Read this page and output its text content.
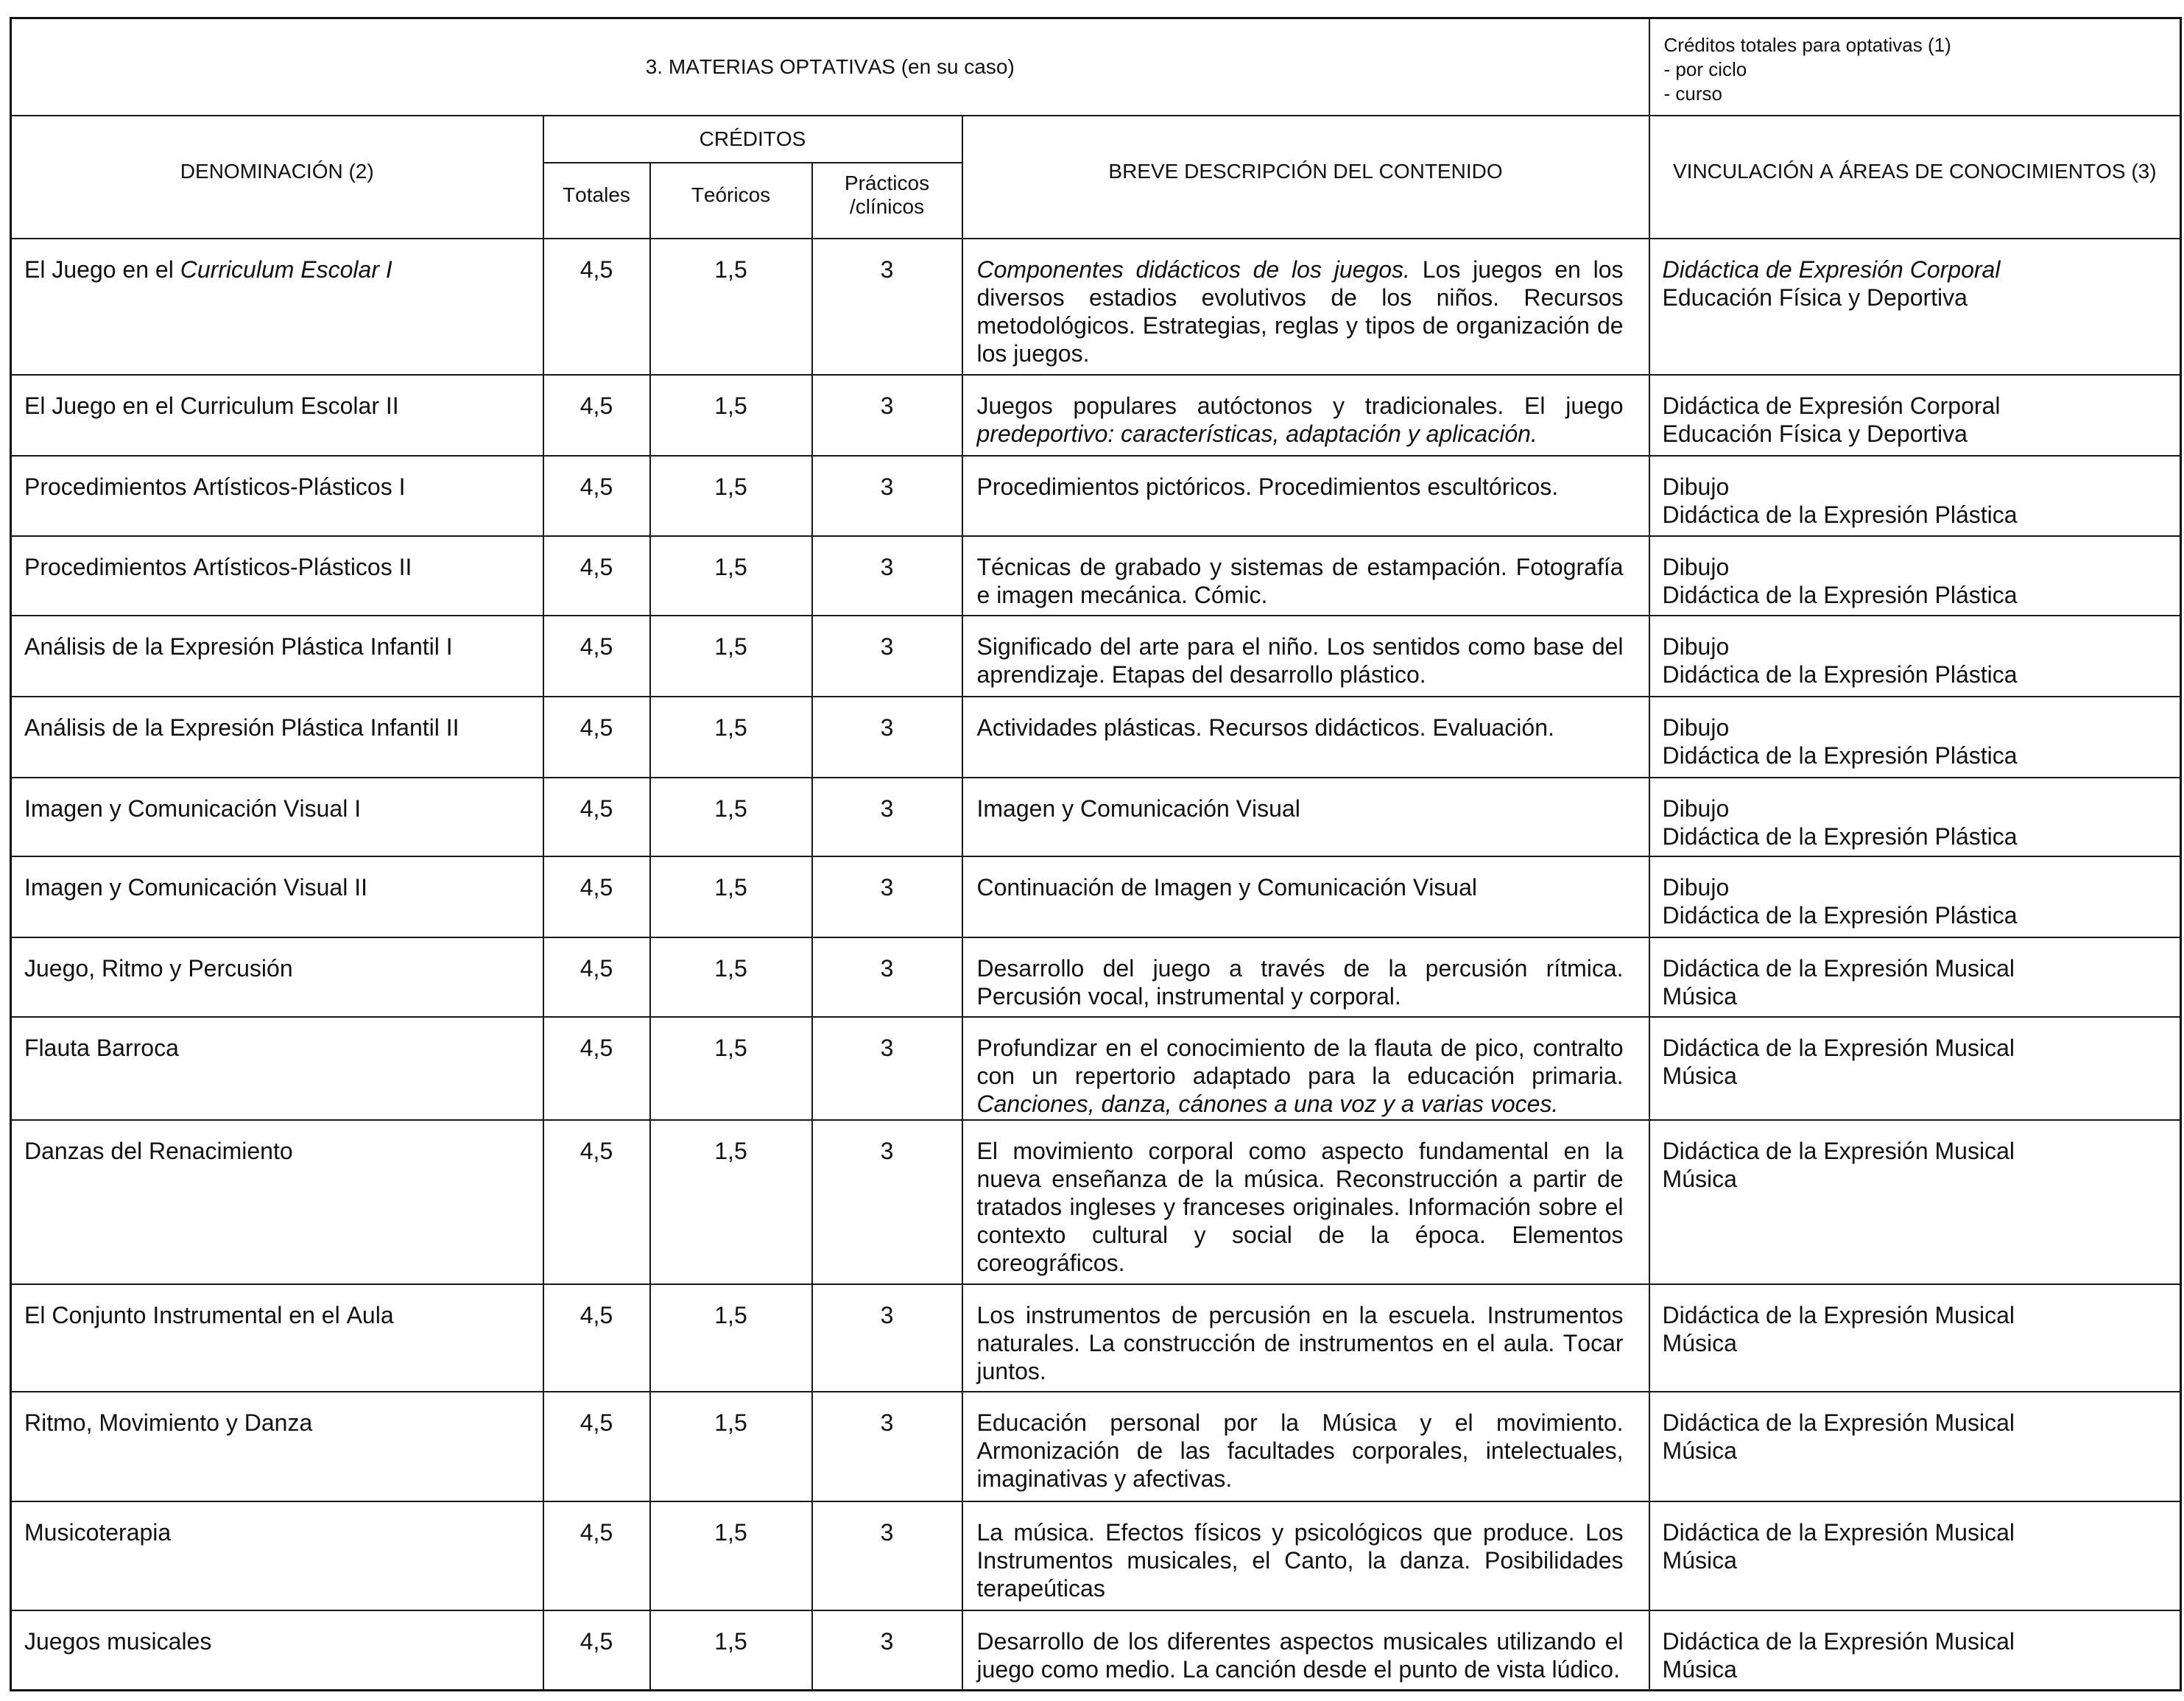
3. MATERIAS OPTATIVAS (en su caso)					Créditos totales para optativas (1)
- por ciclo
- curso

DENOMINACIÓN (2)	CRÉDITOS			BREVE DESCRIPCIÓN DEL CONTENIDO	VINCULACIÓN A ÁREAS DE CONOCIMIENTOS (3)
	Totales	Teóricos	Prácticos /clínicos		
El Juego en el Curriculum Escolar I	4,5	1,5	3	Componentes didácticos de los juegos. Los juegos en los diversos estadios evolutivos de los niños. Recursos metodológicos. Estrategias, reglas y tipos de organización de los juegos.	Didáctica de Expresión Corporal
Educación Física y Deportiva

El Juego en el Curriculum Escolar II	4,5	1,5	3	Juegos populares autóctonos y tradicionales. El juego predeportivo: características, adaptación y aplicación.	Didáctica de Expresión Corporal
Educación Física y Deportiva

Procedimientos Artísticos-Plásticos I	4,5	1,5	3	Procedimientos pictóricos. Procedimientos escultóricos.	Dibujo
Didáctica de la Expresión Plástica

Procedimientos Artísticos-Plásticos II	4,5	1,5	3	Técnicas de grabado y sistemas de estampación. Fotografía e imagen mecánica. Cómic.	Dibujo
Didáctica de la Expresión Plástica

Análisis de la Expresión Plástica Infantil I	4,5	1,5	3	Significado del arte para el niño. Los sentidos como base del aprendizaje. Etapas del desarrollo plástico.	Dibujo
Didáctica de la Expresión Plástica

Análisis de la Expresión Plástica Infantil II	4,5	1,5	3	Actividades plásticas. Recursos didácticos. Evaluación.	Dibujo
Didáctica de la Expresión Plástica

Imagen y Comunicación Visual I	4,5	1,5	3	Imagen y Comunicación Visual	Dibujo
Didáctica de la Expresión Plástica

Imagen y Comunicación Visual II	4,5	1,5	3	Continuación de Imagen y Comunicación Visual	Dibujo
Didáctica de la Expresión Plástica

Juego, Ritmo y Percusión	4,5	1,5	3	Desarrollo del juego a través de la percusión rítmica. Percusión vocal, instrumental y corporal.	Didáctica de la Expresión Musical
Música

Flauta Barroca	4,5	1,5	3	Profundizar en el conocimiento de la flauta de pico, contralto con un repertorio adaptado para la educación primaria. Canciones, danza, cánones a una voz y a varias voces.	Didáctica de la Expresión Musical
Música

Danzas del Renacimiento	4,5	1,5	3	El movimiento corporal como aspecto fundamental en la nueva enseñanza de la música. Reconstrucción a partir de tratados ingleses y franceses originales. Información sobre el contexto cultural y social de la época. Elementos coreográficos.	Didáctica de la Expresión Musical
Música

El Conjunto Instrumental en el Aula	4,5	1,5	3	Los instrumentos de percusión en la escuela. Instrumentos naturales. La construcción de instrumentos en el aula. Tocar juntos.	Didáctica de la Expresión Musical
Música

Ritmo, Movimiento y Danza	4,5	1,5	3	Educación personal por la Música y el movimiento. Armonización de las facultades corporales, intelectuales, imaginativas y afectivas.	Didáctica de la Expresión Musical
Música

Musicoterapia	4,5	1,5	3	La música. Efectos físicos y psicológicos que produce. Los Instrumentos musicales, el Canto, la danza. Posibilidades terapeúticas	Didáctica de la Expresión Musical
Música

Juegos musicales	4,5	1,5	3	Desarrollo de los diferentes aspectos musicales utilizando el juego como medio. La canción desde el punto de vista lúdico.	Didáctica de la Expresión Musical
Música
